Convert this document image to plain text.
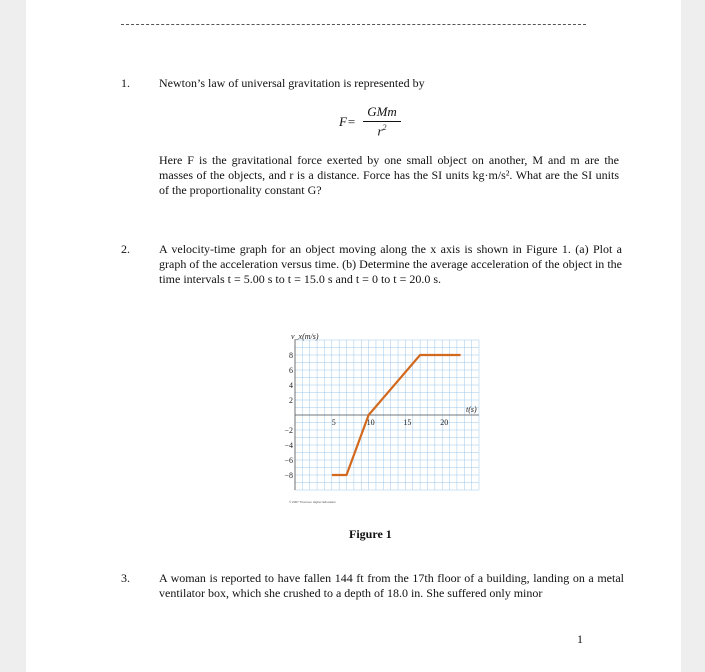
1. Newton’s law of universal gravitation is represented by
F=
GMm
$r^2$
Here F is the gravitational force exerted by one small object on another, M and m are the masses of the objects, and r is a distance. Force has the SI units kg·m/s². What are the SI units of the proportionality constant G?
2. A velocity-time graph for an object moving along the x axis is shown in Figure 1. (a) Plot a graph of the acceleration versus time. (b) Determine the average acceleration of the object in the time intervals t = 5.00 s to t = 15.0 s and t = 0 to t = 20.0 s.
5	10	15	20
8
6
4
2
−2
−4
−6
−8
v_x(m/s)
t(s)
© 2007 Thomson Higher Education
Figure 1
3. A woman is reported to have fallen 144 ft from the 17th floor of a building, landing on a metal ventilator box, which she crushed to a depth of 18.0 in. She suffered only minor
1
